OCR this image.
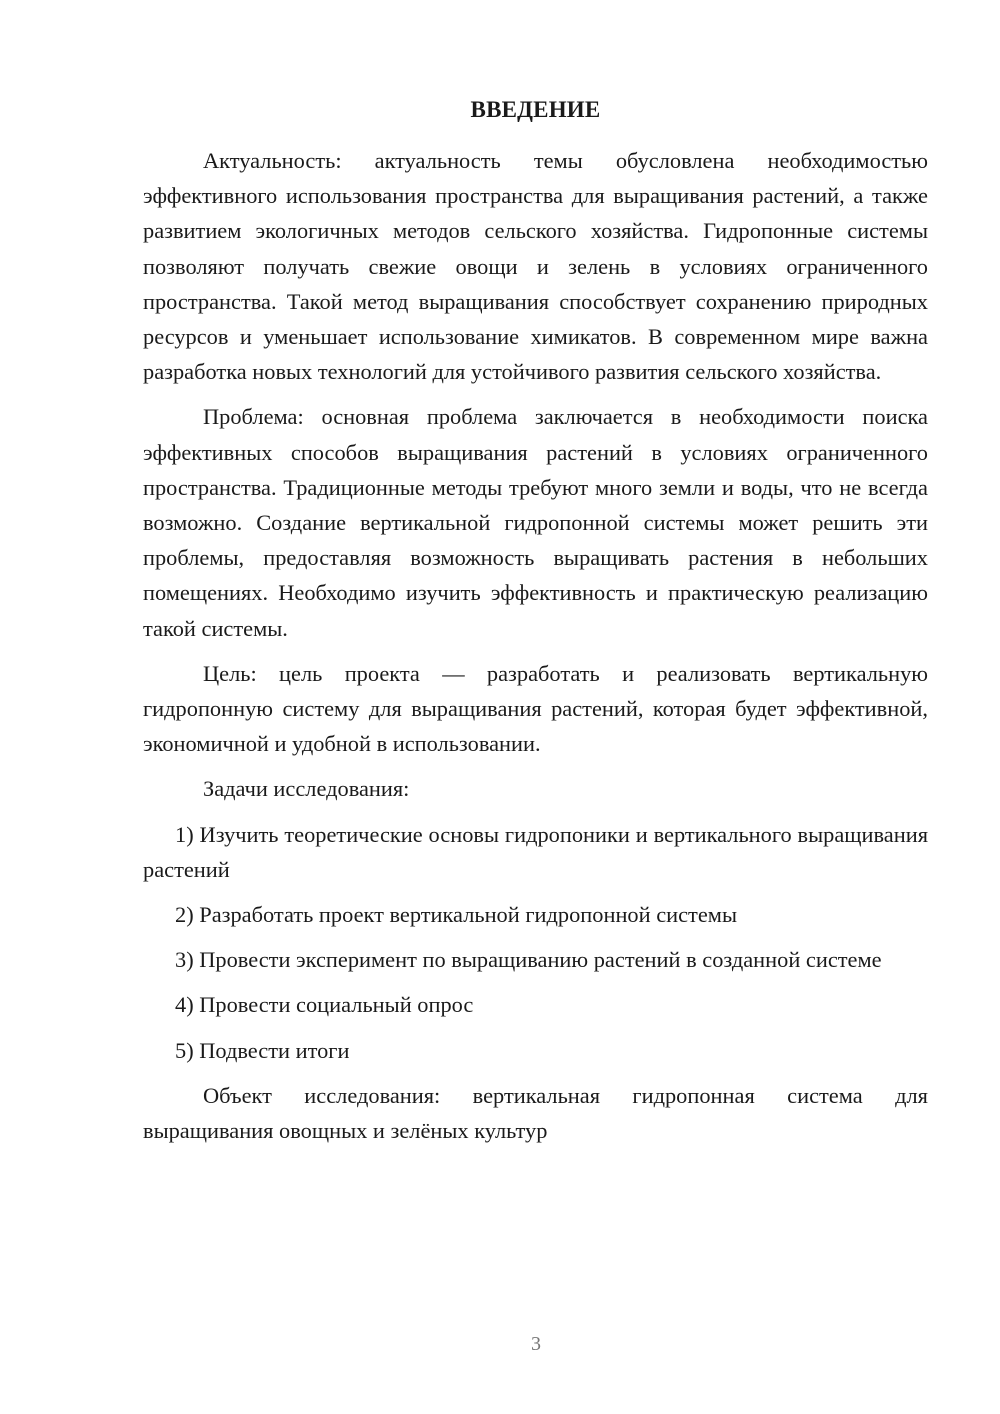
ВВЕДЕНИЕ

Актуальность: актуальность темы обусловлена необходимостью эффективного использования пространства для выращивания растений, а также развитием экологичных методов сельского хозяйства. Гидропонные системы позволяют получать свежие овощи и зелень в условиях ограниченного пространства. Такой метод выращивания способствует сохранению природных ресурсов и уменьшает использование химикатов. В современном мире важна разработка новых технологий для устойчивого развития сельского хозяйства.

Проблема: основная проблема заключается в необходимости поиска эффективных способов выращивания растений в условиях ограниченного пространства. Традиционные методы требуют много земли и воды, что не всегда возможно. Создание вертикальной гидропонной системы может решить эти проблемы, предоставляя возможность выращивать растения в небольших помещениях. Необходимо изучить эффективность и практическую реализацию такой системы.

Цель: цель проекта — разработать и реализовать вертикальную гидропонную систему для выращивания растений, которая будет эффективной, экономичной и удобной в использовании.

Задачи исследования:

1) Изучить теоретические основы гидропоники и вертикального выращивания растений

2) Разработать проект вертикальной гидропонной системы

3) Провести эксперимент по выращиванию растений в созданной системе

4) Провести социальный опрос

5) Подвести итоги

Объект исследования: вертикальная гидропонная система для выращивания овощных и зелёных культур

3
